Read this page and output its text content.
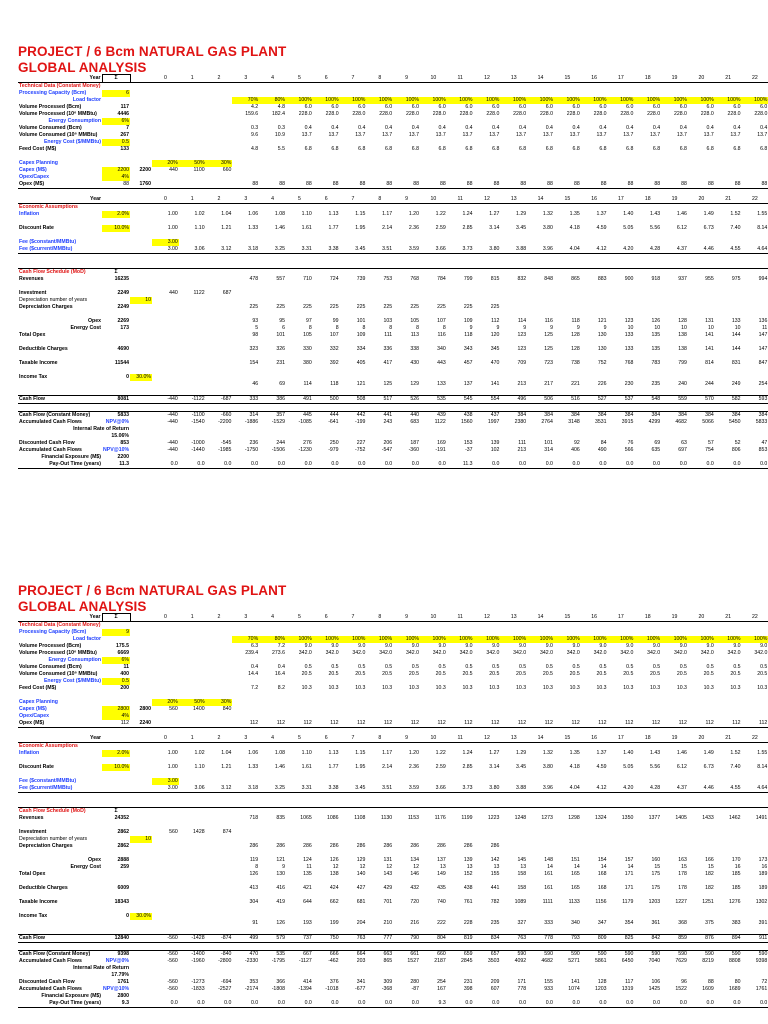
PROJECT / 6 Bcm NATURAL GAS PLANT
GLOBAL ANALYSIS
Year	Σ		0	1	2	3	4	5	6	7	8	9	10	11	12	13	14	15	16	17	18	19	20	21	22
Technical Data (Constant Money)																									
Processing Capacity (Bcm)	6																								
Load factor						70%	80%	100%	100%	100%	100%	100%	100%	100%	100%	100%	100%	100%	100%	100%	100%	100%	100%	100%	100%
Volume Processed (Bcm)	117					4.2	4.8	6.0	6.0	6.0	6.0	6.0	6.0	6.0	6.0	6.0	6.0	6.0	6.0	6.0	6.0	6.0	6.0	6.0	6.0
Volume Processed (10⁶ MMBtu)	4446					159.6	182.4	228.0	228.0	228.0	228.0	228.0	228.0	228.0	228.0	228.0	228.0	228.0	228.0	228.0	228.0	228.0	228.0	228.0	228.0
Energy Consumption	6%																								
Volume Consumed (Bcm)	7					0.3	0.3	0.4	0.4	0.4	0.4	0.4	0.4	0.4	0.4	0.4	0.4	0.4	0.4	0.4	0.4	0.4	0.4	0.4	0.4
Volume Consumed (10⁶ MMBtu)	267					9.6	10.9	13.7	13.7	13.7	13.7	13.7	13.7	13.7	13.7	13.7	13.7	13.7	13.7	13.7	13.7	13.7	13.7	13.7	13.7
Energy Cost ($/MMBtu)	0.5																								
Feed Cost (M$)	133					4.8	5.5	6.8	6.8	6.8	6.8	6.8	6.8	6.8	6.8	6.8	6.8	6.8	6.8	6.8	6.8	6.8	6.8	6.8	6.8

Capex Planning			20%	50%	30%																				
Capex (M$)	2200	2200	440	1100	660																				
Opex/Capex	4%																								
Opex (M$)	88	1760				88	88	88	88	88	88	88	88	88	88	88	88	88	88	88	88	88	88	88	88

Year			0	1	2	3	4	5	6	7	8	9	10	11	12	13	14	15	16	17	18	19	20	21	22
Economic Assumptions																									
Inflation	2.0%		1.00	1.02	1.04	1.06	1.08	1.10	1.13	1.15	1.17	1.20	1.22	1.24	1.27	1.29	1.32	1.35	1.37	1.40	1.43	1.46	1.49	1.52	1.55

Discount Rate	10.0%		1.00	1.10	1.21	1.33	1.46	1.61	1.77	1.95	2.14	2.36	2.59	2.85	3.14	3.45	3.80	4.18	4.59	5.05	5.56	6.12	6.73	7.40	8.14

Fee ($constant/MMBtu)			3.00																						
Fee ($current/MMBtu)			3.00	3.06	3.12	3.18	3.25	3.31	3.38	3.45	3.51	3.59	3.66	3.73	3.80	3.88	3.96	4.04	4.12	4.20	4.28	4.37	4.46	4.55	4.64

Cash Flow Schedule (MoD)	Σ																								
Revenues	16235					478	557	710	724	739	753	768	784	799	815	832	848	865	883	900	918	937	955	975	994

Investment	2249		440	1122	687																				
Depreciation number of years		10																							
Depreciation Charges	2249					225	225	225	225	225	225	225	225	225	225										

Opex	2269					93	95	97	99	101	103	105	107	109	112	114	116	118	121	123	126	128	131	133	136
Energy Cost	173					5	6	8	8	8	8	8	8	9	9	9	9	9	9	10	10	10	10	10	11
Total Opex						98	101	105	107	109	111	113	116	118	120	123	125	128	130	133	135	138	141	144	147

Deductible Charges	4690					323	326	330	332	334	336	338	340	343	345	123	125	128	130	133	135	138	141	144	147

Taxable Income	11544					154	231	380	392	405	417	430	443	457	470	709	723	738	752	768	783	799	814	831	847

Income Tax	0	30.0%																							
						46	69	114	118	121	125	129	133	137	141	213	217	221	226	230	235	240	244	249	254

Cash Flow	8081		-440	-1122	-687	333	386	491	500	508	517	526	535	545	554	496	506	516	527	537	548	559	570	582	593

Cash Flow (Constant Money)	5833		-440	-1100	-660	314	357	445	444	442	441	440	439	438	437	384	384	384	384	384	384	384	384	384	384
Accumulated Cash Flows	NPV@0%		-440	-1540	-2200	-1886	-1529	-1085	-641	-199	243	683	1122	1560	1997	2380	2764	3148	3531	3915	4299	4682	5066	5450	5833
Internal Rate of Return																									
	15.06%																								
Discounted Cash Flow	853		-440	-1000	-545	236	244	276	250	227	206	187	169	153	139	111	101	92	84	76	69	63	57	52	47
Accumulated Cash Flows	NPV@10%		-440	-1440	-1985	-1750	-1506	-1230	-979	-752	-547	-360	-191	-37	102	213	314	406	490	566	635	697	754	806	853
Financial Exposure (M$)	2200																								
Pay-Out Time (years)	11.3		0.0	0.0	0.0	0.0	0.0	0.0	0.0	0.0	0.0	0.0	0.0	11.3	0.0	0.0	0.0	0.0	0.0	0.0	0.0	0.0	0.0	0.0	0.0
PROJECT / 6 Bcm NATURAL GAS PLANT
GLOBAL ANALYSIS
Year	Σ		0	1	2	3	4	5	6	7	8	9	10	11	12	13	14	15	16	17	18	19	20	21	22
Technical Data (Constant Money)																									
Processing Capacity (Bcm)	9																								
Load factor						70%	80%	100%	100%	100%	100%	100%	100%	100%	100%	100%	100%	100%	100%	100%	100%	100%	100%	100%	100%
Volume Processed (Bcm)	175.5					6.3	7.2	9.0	9.0	9.0	9.0	9.0	9.0	9.0	9.0	9.0	9.0	9.0	9.0	9.0	9.0	9.0	9.0	9.0	9.0
Volume Processed (10⁶ MMBtu)	6669					239.4	273.6	342.0	342.0	342.0	342.0	342.0	342.0	342.0	342.0	342.0	342.0	342.0	342.0	342.0	342.0	342.0	342.0	342.0	342.0
Energy Consumption	6%																								
Volume Consumed (Bcm)	11					0.4	0.4	0.5	0.5	0.5	0.5	0.5	0.5	0.5	0.5	0.5	0.5	0.5	0.5	0.5	0.5	0.5	0.5	0.5	0.5
Volume Consumed (10⁶ MMBtu)	400					14.4	16.4	20.5	20.5	20.5	20.5	20.5	20.5	20.5	20.5	20.5	20.5	20.5	20.5	20.5	20.5	20.5	20.5	20.5	20.5
Energy Cost ($/MMBtu)	0.5																								
Feed Cost (M$)	200					7.2	8.2	10.3	10.3	10.3	10.3	10.3	10.3	10.3	10.3	10.3	10.3	10.3	10.3	10.3	10.3	10.3	10.3	10.3	10.3

Capex Planning			20%	50%	30%																				
Capex (M$)	2800	2800	560	1400	840																				
Opex/Capex	4%																								
Opex (M$)	112	2240				112	112	112	112	112	112	112	112	112	112	112	112	112	112	112	112	112	112	112	112

Year			0	1	2	3	4	5	6	7	8	9	10	11	12	13	14	15	16	17	18	19	20	21	22
Economic Assumptions																									
Inflation	2.0%		1.00	1.02	1.04	1.06	1.08	1.10	1.13	1.15	1.17	1.20	1.22	1.24	1.27	1.29	1.32	1.35	1.37	1.40	1.43	1.46	1.49	1.52	1.55

Discount Rate	10.0%		1.00	1.10	1.21	1.33	1.46	1.61	1.77	1.95	2.14	2.36	2.59	2.85	3.14	3.45	3.80	4.18	4.59	5.05	5.56	6.12	6.73	7.40	8.14

Fee ($constant/MMBtu)			3.00																						
Fee ($current/MMBtu)			3.00	3.06	3.12	3.18	3.25	3.31	3.38	3.45	3.51	3.59	3.66	3.73	3.80	3.88	3.96	4.04	4.12	4.20	4.28	4.37	4.46	4.55	4.64

Cash Flow Schedule (MoD)	Σ																								
Revenues	24352					718	835	1065	1086	1108	1130	1153	1176	1199	1223	1248	1273	1298	1324	1350	1377	1405	1433	1462	1491

Investment	2862		560	1428	874																				
Depreciation number of years		10																							
Depreciation Charges	2862					286	286	286	286	286	286	286	286	286	286										

Opex	2888					119	121	124	126	129	131	134	137	139	142	145	148	151	154	157	160	163	166	170	173
Energy Cost	259					8	9	11	12	12	12	12	13	13	13	13	14	14	14	14	15	15	15	16	16
Total Opex						126	130	135	138	140	143	146	149	152	155	158	161	165	168	171	175	178	182	185	189

Deductible Charges	6009					413	416	421	424	427	429	432	435	438	441	158	161	165	168	171	175	178	182	185	189

Taxable Income	18343					304	419	644	662	681	701	720	740	761	782	1089	1111	1133	1156	1179	1203	1227	1251	1276	1302

Income Tax	0	30.0%																							
						91	126	193	199	204	210	216	222	228	235	327	333	340	347	354	361	368	375	383	391

Cash Flow	12840		-560	-1428	-874	499	579	737	750	763	777	790	804	819	834	763	778	793	809	825	842	859	876	894	911

Cash Flow (Constant Money)	9398		-560	-1400	-840	470	535	667	666	664	663	661	660	659	657	590	590	590	590	590	590	590	590	590	590
Accumulated Cash Flows	NPV@0%		-560	-1960	-2800	-2330	-1795	-1127	-462	203	865	1527	2187	2845	3503	4092	4682	5271	5861	6450	7040	7629	8219	8808	9398
Internal Rate of Return																									
	17.79%																								
Discounted Cash Flow	1761		-560	-1273	-694	353	366	414	376	341	309	280	254	231	209	171	155	141	128	117	106	96	88	80	72
Accumulated Cash Flows	NPV@10%		-560	-1833	-2527	-2174	-1808	-1394	-1018	-677	-368	-87	167	398	607	778	933	1074	1203	1319	1425	1522	1609	1689	1761
Financial Exposure (M$)	2800																								
Pay-Out Time (years)	9.3		0.0	0.0	0.0	0.0	0.0	0.0	0.0	0.0	0.0	0.0	9.3	0.0	0.0	0.0	0.0	0.0	0.0	0.0	0.0	0.0	0.0	0.0	0.0
